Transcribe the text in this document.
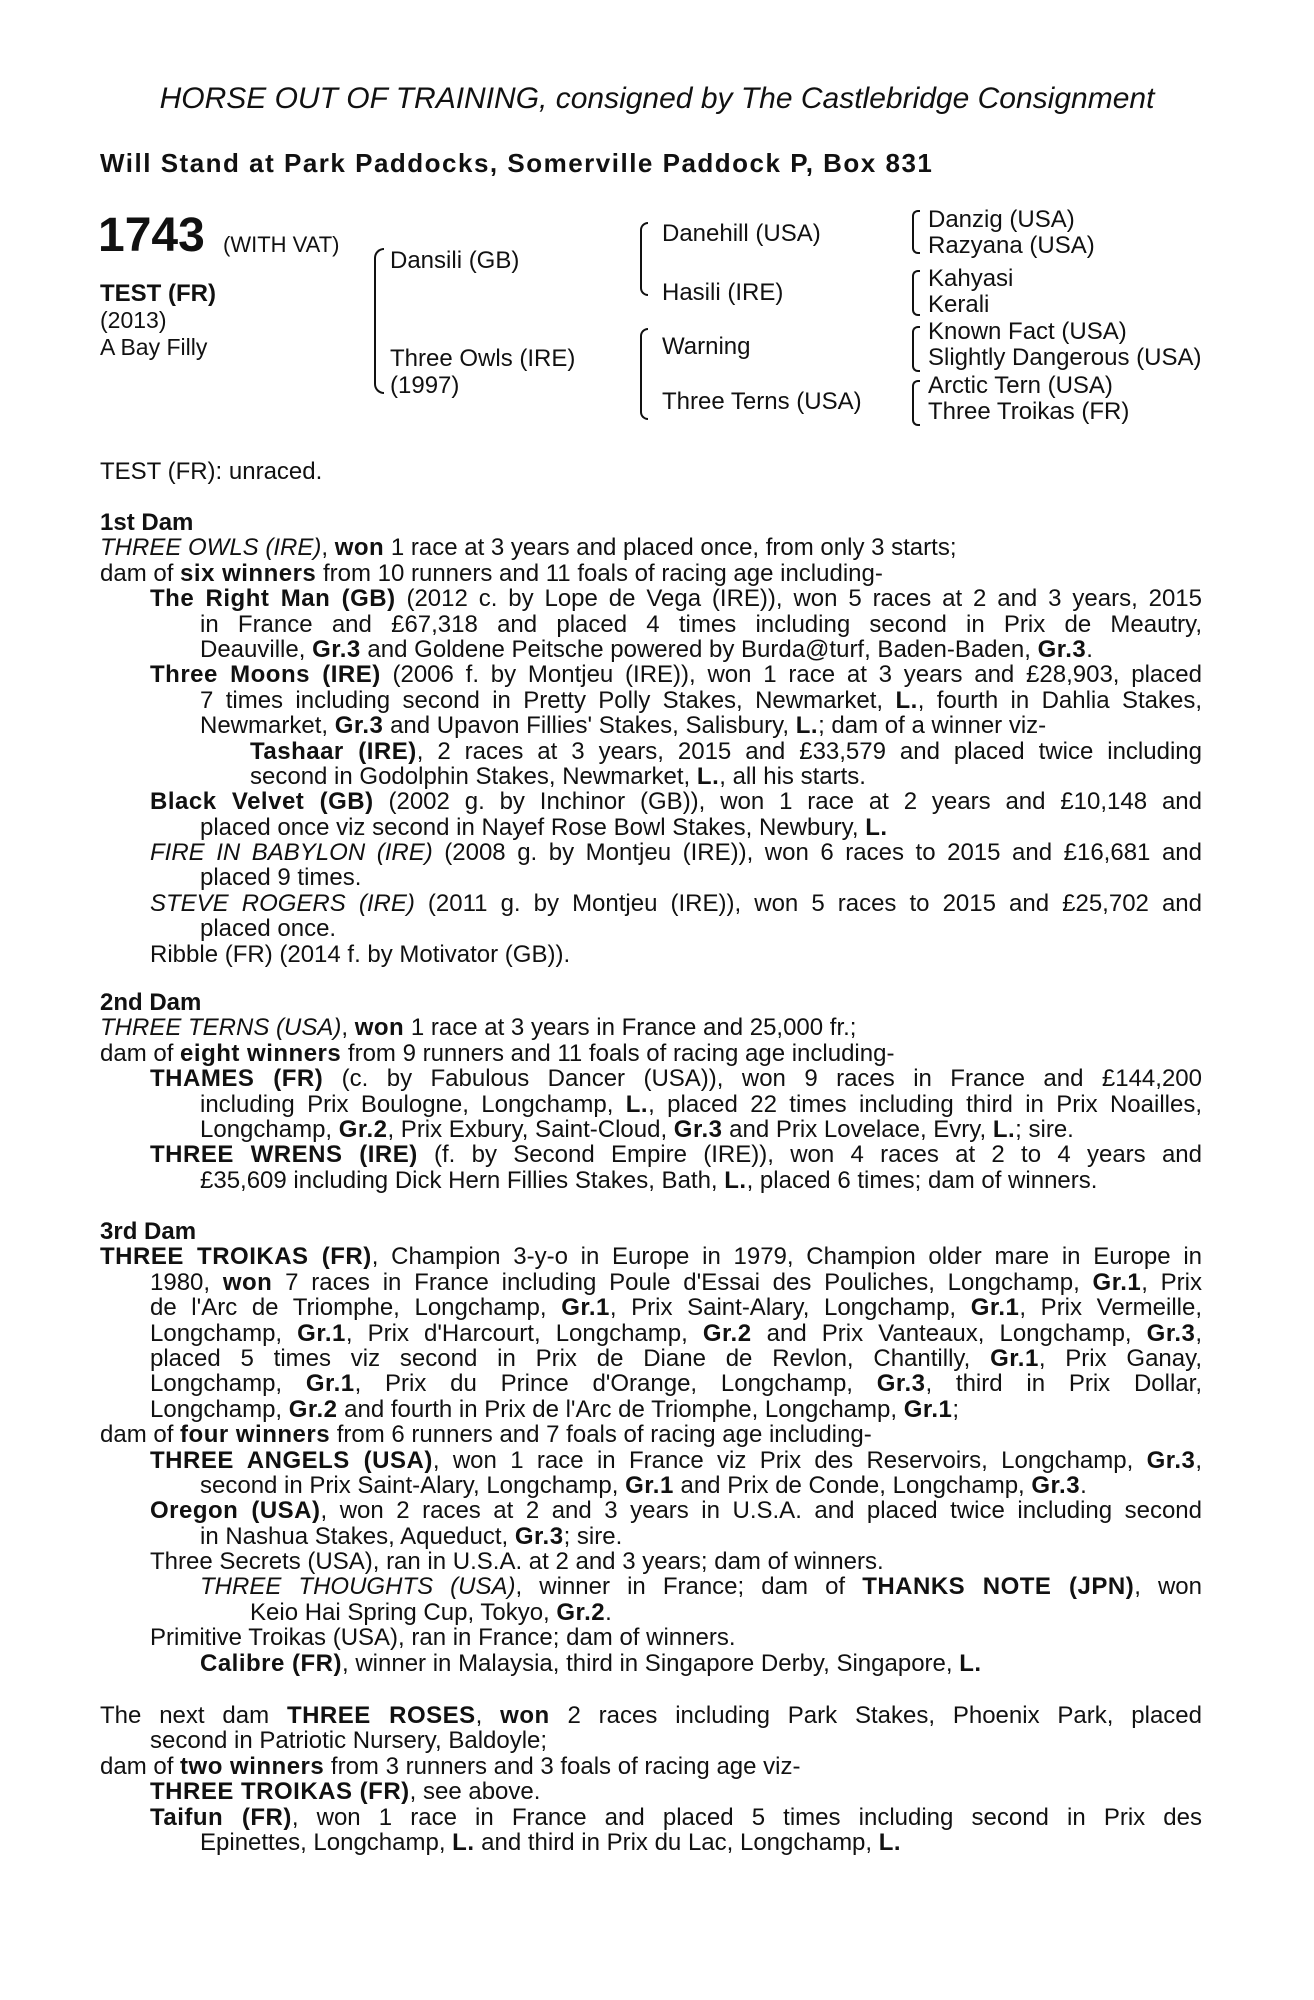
HORSE OUT OF TRAINING, consigned by The Castlebridge Consignment
Will Stand at Park Paddocks, Somerville Paddock P, Box 831
1743 (WITH VAT)
TEST (FR)
(2013)
A Bay Filly
Dansili (GB)
Three Owls (IRE)
(1997)
Danehill (USA)
Hasili (IRE)
Warning
Three Terns (USA)
Danzig (USA)
Razyana (USA)
Kahyasi
Kerali
Known Fact (USA)
Slightly Dangerous (USA)
Arctic Tern (USA)
Three Troikas (FR)
TEST (FR): unraced.
1st Dam
THREE OWLS (IRE), won 1 race at 3 years and placed once, from only 3 starts;
dam of six winners from 10 runners and 11 foals of racing age including-
The Right Man (GB) (2012 c. by Lope de Vega (IRE)), won 5 races at 2 and 3 years, 2015
in France and £67,318 and placed 4 times including second in Prix de Meautry,
Deauville, Gr.3 and Goldene Peitsche powered by Burda@turf, Baden-Baden, Gr.3.
Three Moons (IRE) (2006 f. by Montjeu (IRE)), won 1 race at 3 years and £28,903, placed
7 times including second in Pretty Polly Stakes, Newmarket, L., fourth in Dahlia Stakes,
Newmarket, Gr.3 and Upavon Fillies' Stakes, Salisbury, L.; dam of a winner viz-
Tashaar (IRE), 2 races at 3 years, 2015 and £33,579 and placed twice including
second in Godolphin Stakes, Newmarket, L., all his starts.
Black Velvet (GB) (2002 g. by Inchinor (GB)), won 1 race at 2 years and £10,148 and
placed once viz second in Nayef Rose Bowl Stakes, Newbury, L.
FIRE IN BABYLON (IRE) (2008 g. by Montjeu (IRE)), won 6 races to 2015 and £16,681 and
placed 9 times.
STEVE ROGERS (IRE) (2011 g. by Montjeu (IRE)), won 5 races to 2015 and £25,702 and
placed once.
Ribble (FR) (2014 f. by Motivator (GB)).
2nd Dam
THREE TERNS (USA), won 1 race at 3 years in France and 25,000 fr.;
dam of eight winners from 9 runners and 11 foals of racing age including-
THAMES (FR) (c. by Fabulous Dancer (USA)), won 9 races in France and £144,200
including Prix Boulogne, Longchamp, L., placed 22 times including third in Prix Noailles,
Longchamp, Gr.2, Prix Exbury, Saint-Cloud, Gr.3 and Prix Lovelace, Evry, L.; sire.
THREE WRENS (IRE) (f. by Second Empire (IRE)), won 4 races at 2 to 4 years and
£35,609 including Dick Hern Fillies Stakes, Bath, L., placed 6 times; dam of winners.
3rd Dam
THREE TROIKAS (FR), Champion 3-y-o in Europe in 1979, Champion older mare in Europe in
1980, won 7 races in France including Poule d'Essai des Pouliches, Longchamp, Gr.1, Prix
de l'Arc de Triomphe, Longchamp, Gr.1, Prix Saint-Alary, Longchamp, Gr.1, Prix Vermeille,
Longchamp, Gr.1, Prix d'Harcourt, Longchamp, Gr.2 and Prix Vanteaux, Longchamp, Gr.3,
placed 5 times viz second in Prix de Diane de Revlon, Chantilly, Gr.1, Prix Ganay,
Longchamp, Gr.1, Prix du Prince d'Orange, Longchamp, Gr.3, third in Prix Dollar,
Longchamp, Gr.2 and fourth in Prix de l'Arc de Triomphe, Longchamp, Gr.1;
dam of four winners from 6 runners and 7 foals of racing age including-
THREE ANGELS (USA), won 1 race in France viz Prix des Reservoirs, Longchamp, Gr.3,
second in Prix Saint-Alary, Longchamp, Gr.1 and Prix de Conde, Longchamp, Gr.3.
Oregon (USA), won 2 races at 2 and 3 years in U.S.A. and placed twice including second
in Nashua Stakes, Aqueduct, Gr.3; sire.
Three Secrets (USA), ran in U.S.A. at 2 and 3 years; dam of winners.
THREE THOUGHTS (USA), winner in France; dam of THANKS NOTE (JPN), won
Keio Hai Spring Cup, Tokyo, Gr.2.
Primitive Troikas (USA), ran in France; dam of winners.
Calibre (FR), winner in Malaysia, third in Singapore Derby, Singapore, L.
The next dam THREE ROSES, won 2 races including Park Stakes, Phoenix Park, placed
second in Patriotic Nursery, Baldoyle;
dam of two winners from 3 runners and 3 foals of racing age viz-
THREE TROIKAS (FR), see above.
Taifun (FR), won 1 race in France and placed 5 times including second in Prix des
Epinettes, Longchamp, L. and third in Prix du Lac, Longchamp, L.
